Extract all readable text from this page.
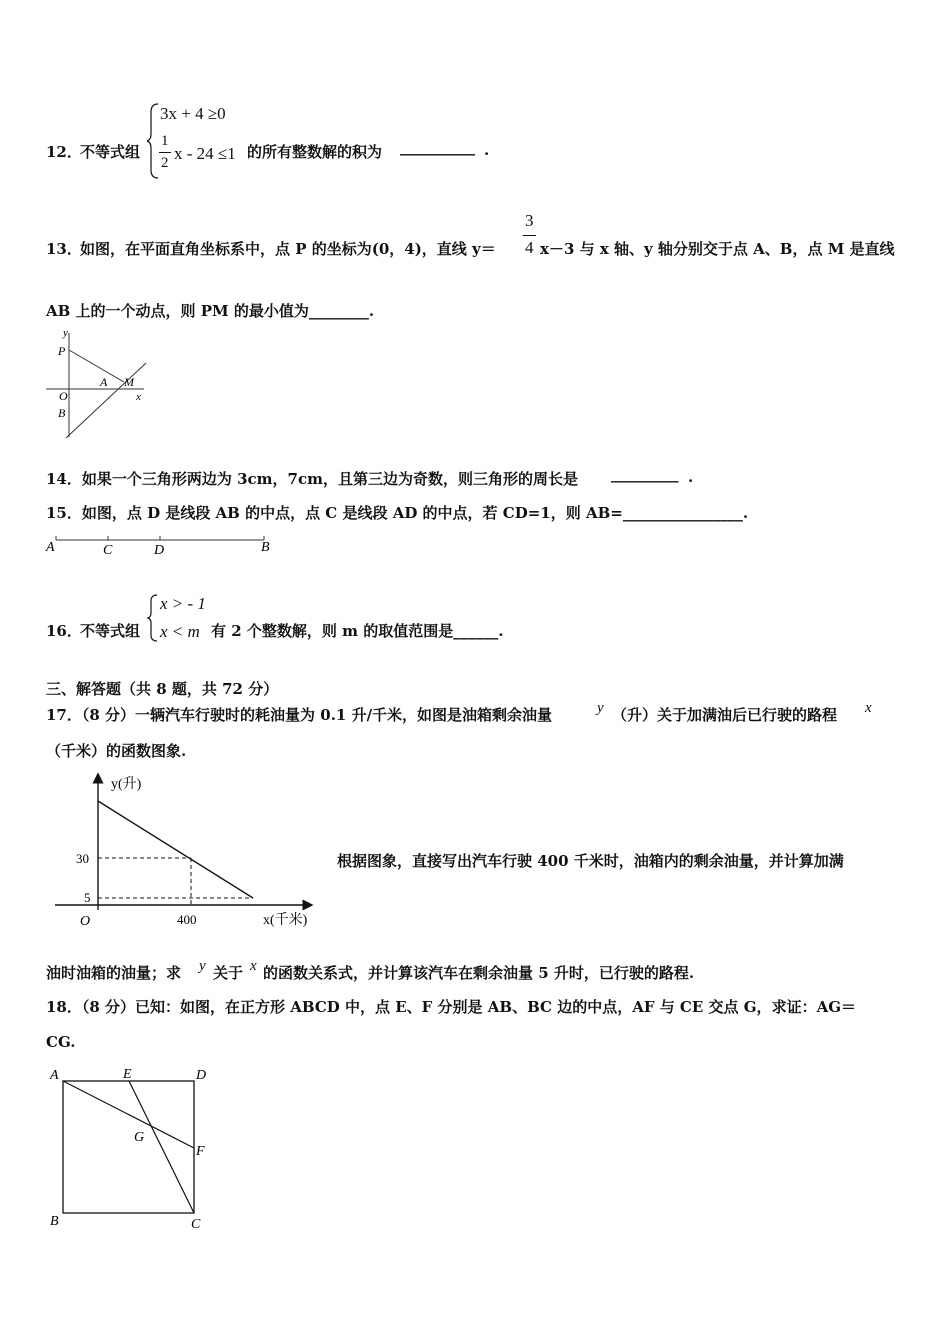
12．
不等式组
3x + 4 ≥0
1
2 x - 24 ≤1 的所有整数解的积为 __________ .
13．
如图，在平面直角坐标系中，点 P 的坐标为(0，4)，直线 y＝
3
4 x－3 与 x 轴、y 轴分别交于点 A、B，点 M 是直线
AB 上的一个动点，则 PM 的最小值为________.
y
P
A M
x
O
B
14．如果一个三角形两边为 3cm，7cm，且第三边为奇数，则三角形的周长是 _________ .
15．如图，点 D 是线段 AB 的中点，点 C 是线段 AD 的中点，若 CD=1，则 AB=________________.
A	C	D	B
16．
不等式组
x > - 1
x < m 有 2 个整数解，则 m 的取值范围是______.
三、解答题（共 8 题，共 72 分）
17．（8 分）一辆汽车行驶时的耗油量为 0.1 升/千米，如图是油箱剩余油量	y （升）关于加满油后已行驶的路程 x
（千米）的函数图象.
y(升)
30
5
O	400	x(千米)
根据图象，直接写出汽车行驶 400 千米时，油箱内的剩余油量，并计算加满
油时油箱的油量；求 y 关于 x 的函数关系式，并计算该汽车在剩余油量 5 升时，已行驶的路程.
18．（8 分）已知：如图，在正方形 ABCD 中，点 E、F 分别是 AB、BC 边的中点，AF 与 CE 交点 G，求证：AG＝
CG.
A	E	D
G
F
B	C
